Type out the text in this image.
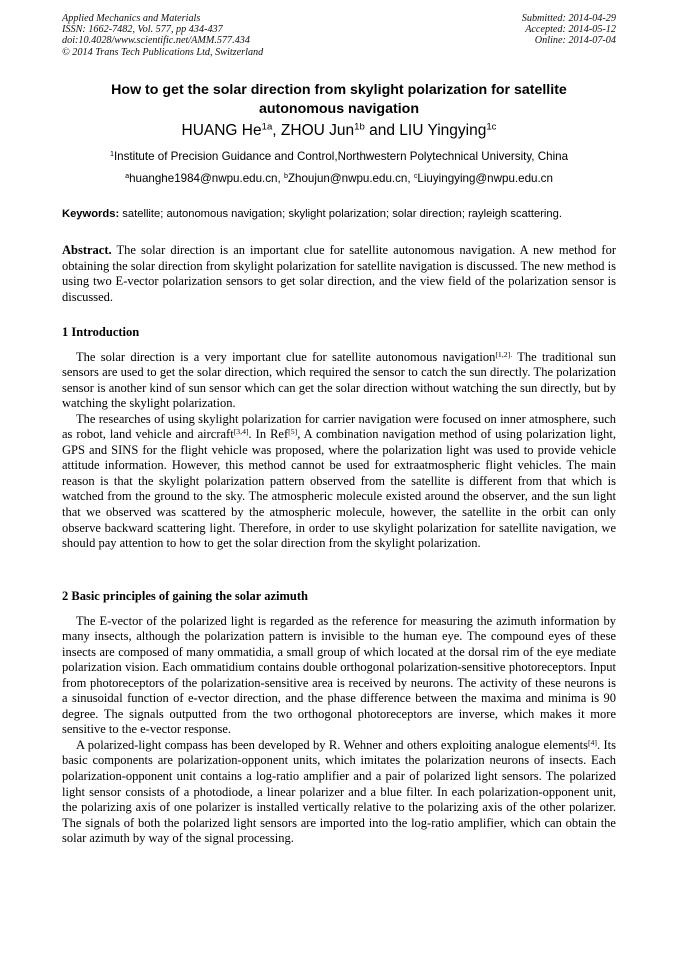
Applied Mechanics and Materials
ISSN: 1662-7482, Vol. 577, pp 434-437
doi:10.4028/www.scientific.net/AMM.577.434
© 2014 Trans Tech Publications Ltd, Switzerland
Submitted: 2014-04-29
Accepted: 2014-05-12
Online: 2014-07-04
How to get the solar direction from skylight polarization for satellite
autonomous navigation
HUANG $He^{1a}$, ZHOU Jun$^{1b}$ and LIU Yingying$^{1c}$
$^1$Institute of Precision Guidance and Control,Northwestern Polytechnical University, China
$^a$huanghe1984@nwpu.edu.cn, $^b$Zhoujun@nwpu.edu.cn, $^c$Liuyingying@nwpu.edu.cn
Keywords: satellite; autonomous navigation; skylight polarization; solar direction; rayleigh scattering.

Abstract. The solar direction is an important clue for satellite autonomous navigation. A new method for obtaining the solar direction from skylight polarization for satellite navigation is discussed. The new method is using two E-vector polarization sensors to get solar direction, and the view field of the polarization sensor is discussed.

1 Introduction

The solar direction is a very important clue for satellite autonomous navigation$^{[1,2].}$ The traditional sun sensors are used to get the solar direction, which required the sensor to catch the sun directly. The polarization sensor is another kind of sun sensor which can get the solar direction without watching the sun directly, but by watching the skylight polarization.

The researches of using skylight polarization for carrier navigation were focused on inner atmosphere, such as robot, land vehicle and aircraft[3,4]. In Ref[5], A combination navigation method of using polarization light, GPS and SINS for the flight vehicle was proposed, where the polarization light was used to provide vehicle attitude information. However, this method cannot be used for extraatmospheric flight vehicles. The main reason is that the skylight polarization pattern observed from the satellite is different from that which is watched from the ground to the sky. The atmospheric molecule existed around the observer, and the sun light that we observed was scattered by the atmospheric molecule, however, the satellite in the orbit can only observe backward scattering light. Therefore, in order to use skylight polarization for satellite navigation, we should pay attention to how to get the solar direction from the skylight polarization.

2 Basic principles of gaining the solar azimuth

The E-vector of the polarized light is regarded as the reference for measuring the azimuth information by many insects, although the polarization pattern is invisible to the human eye. The compound eyes of these insects are composed of many ommatidia, a small group of which located at the dorsal rim of the eye mediate polarization vision. Each ommatidium contains double orthogonal polarization-sensitive photoreceptors. Input from photoreceptors of the polarization-sensitive area is received by neurons. The activity of these neurons is a sinusoidal function of e-vector direction, and the phase difference between the maxima and minima is 90 degree. The signals outputted from the two orthogonal photoreceptors are inverse, which makes it more sensitive to the e-vector response.

A polarized-light compass has been developed by R. Wehner and others exploiting analogue elements[4]. Its basic components are polarization-opponent units, which imitates the polarization neurons of insects. Each polarization-opponent unit contains a log-ratio amplifier and a pair of polarized light sensors. The polarized light sensor consists of a photodiode, a linear polarizer and a blue filter. In each polarization-opponent unit, the polarizing axis of one polarizer is installed vertically relative to the polarizing axis of the other polarizer. The signals of both the polarized light sensors are imported into the log-ratio amplifier, which can obtain the solar azimuth by way of the signal processing.
